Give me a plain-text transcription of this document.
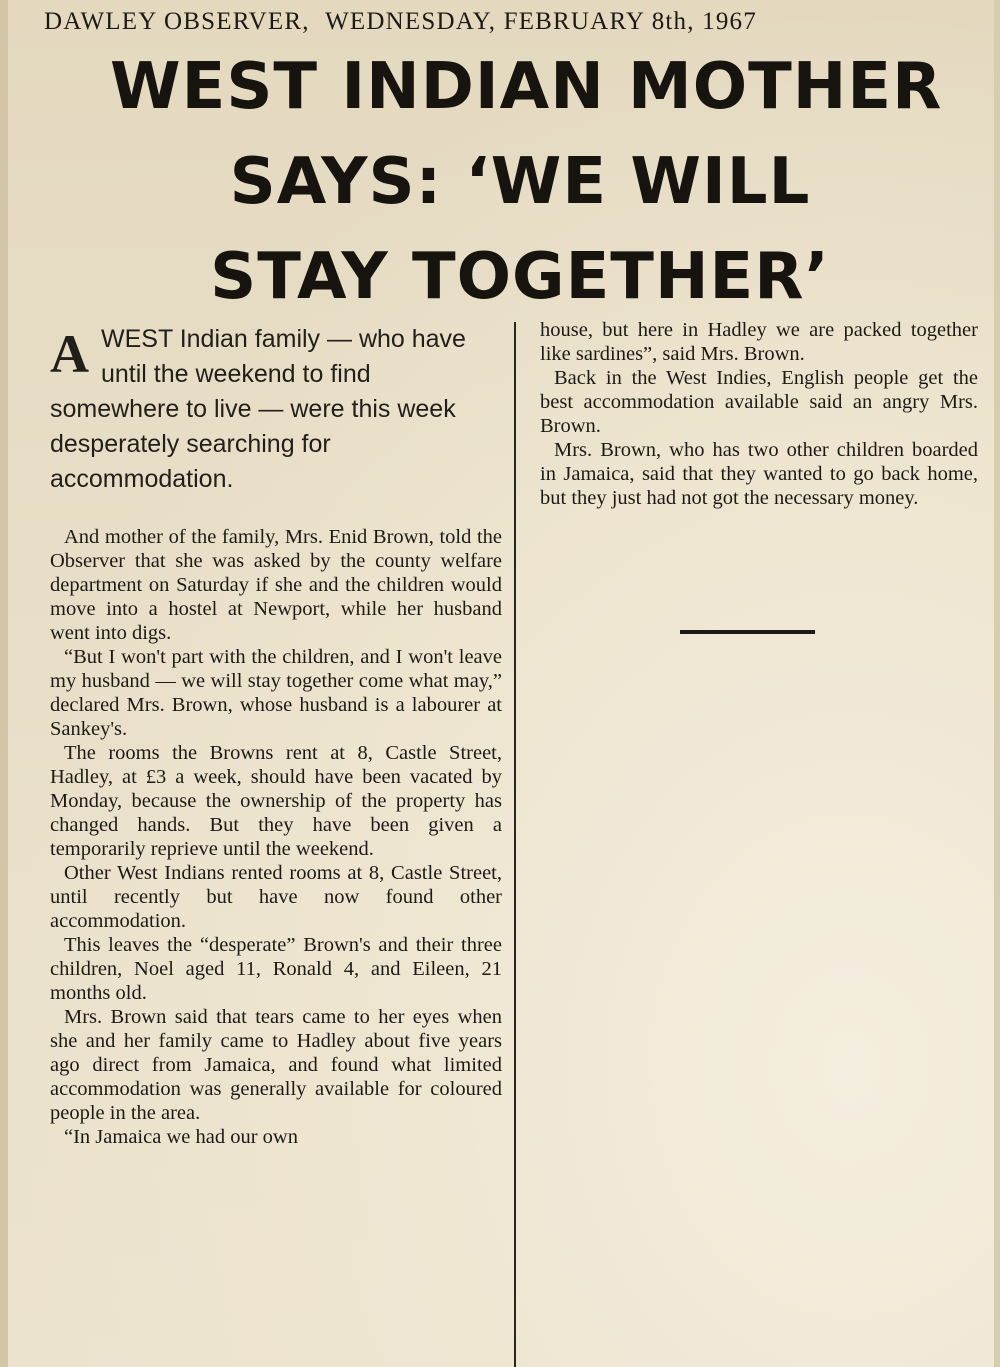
DAWLEY OBSERVER, WEDNESDAY, FEBRUARY 8th, 1967
WEST INDIAN MOTHER
SAYS: ‘WE WILL
STAY TOGETHER’

AWEST Indian family — who have until the weekend to find somewhere to live — were this week desperately searching for accommodation.

And mother of the family, Mrs. Enid Brown, told the Observer that she was asked by the county welfare department on Saturday if she and the children would move into a hostel at Newport, while her husband went into digs.

“But I won't part with the children, and I won't leave my husband — we will stay together come what may,” declared Mrs. Brown, whose husband is a labourer at Sankey's.

The rooms the Browns rent at 8, Castle Street, Hadley, at £3 a week, should have been vacated by Monday, because the ownership of the property has changed hands. But they have been given a temporarily reprieve until the weekend.

Other West Indians rented rooms at 8, Castle Street, until recently but have now found other accommodation.

This leaves the “desperate” Brown's and their three children, Noel aged 11, Ronald 4, and Eileen, 21 months old.

Mrs. Brown said that tears came to her eyes when she and her family came to Hadley about five years ago direct from Jamaica, and found what limited accommodation was generally available for coloured people in the area.

“In Jamaica we had our own

house, but here in Hadley we are packed together like sardines”, said Mrs. Brown.

Back in the West Indies, English people get the best accommodation available said an angry Mrs. Brown.

Mrs. Brown, who has two other children boarded in Jamaica, said that they wanted to go back home, but they just had not got the necessary money.
